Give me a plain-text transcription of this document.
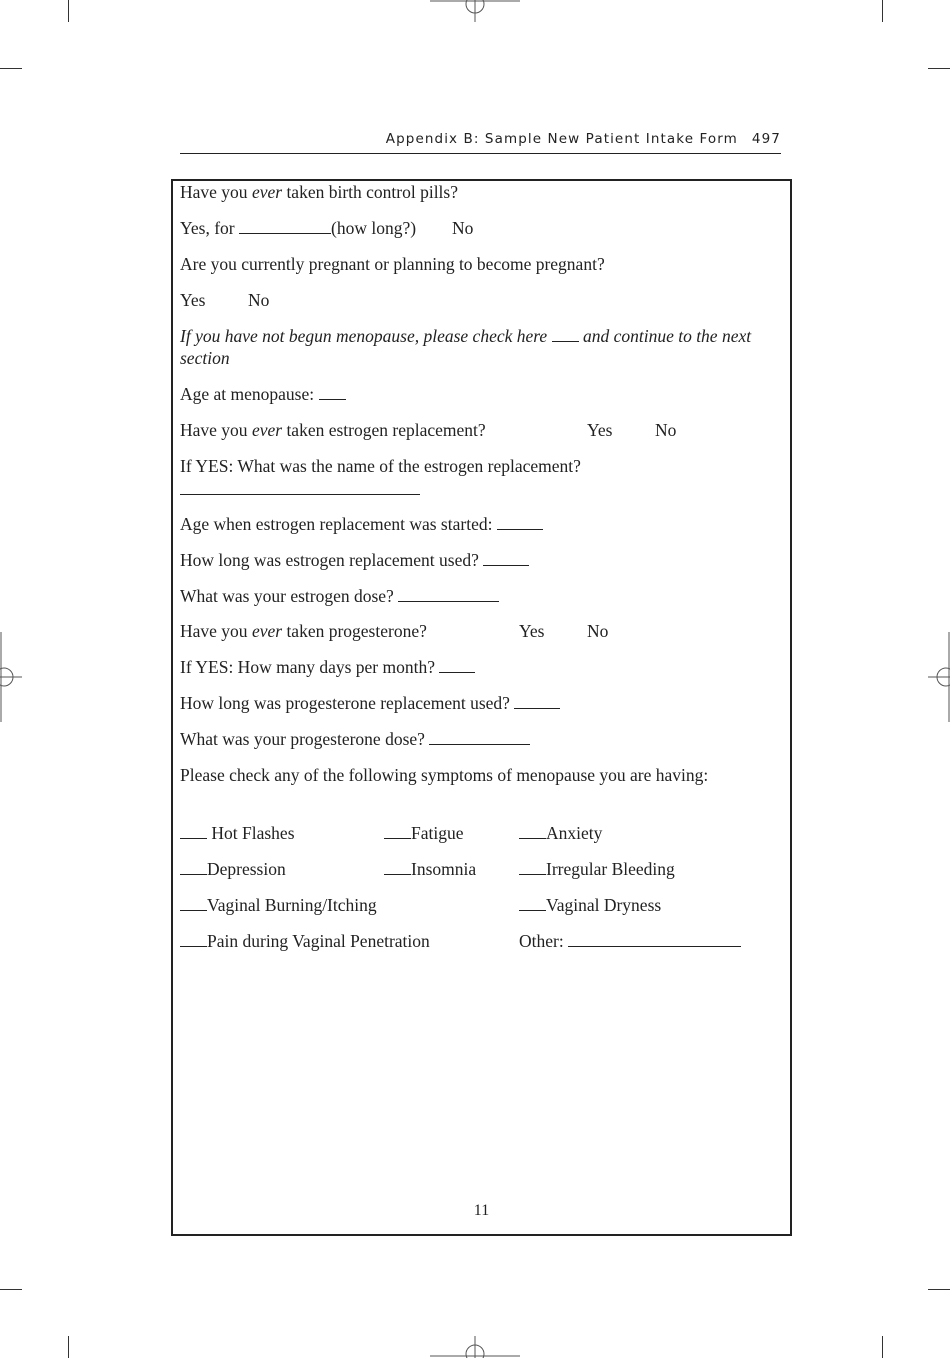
Appendix B: Sample New Patient Intake Form 497
Have you ever taken birth control pills?
Yes, for	(how long?) No
Are you currently pregnant or planning to become pregnant?
Yes No
If you have not begun menopause, please check here  and continue to the next section
Age at menopause:
Have you ever taken estrogen replacement?	Yes No
If YES: What was the name of the estrogen replacement?
Age when estrogen replacement was started:
How long was estrogen replacement used?
What was your estrogen dose?
Have you ever taken progesterone?	Yes No
If YES: How many days per month?
How long was progesterone replacement used?
What was your progesterone dose?
Please check any of the following symptoms of menopause you are having:
Hot Flashes	Fatigue	Anxiety
Depression	Insomnia	Irregular Bleeding
Vaginal Burning/Itching	Vaginal Dryness
Pain during Vaginal Penetration	Other:
11
